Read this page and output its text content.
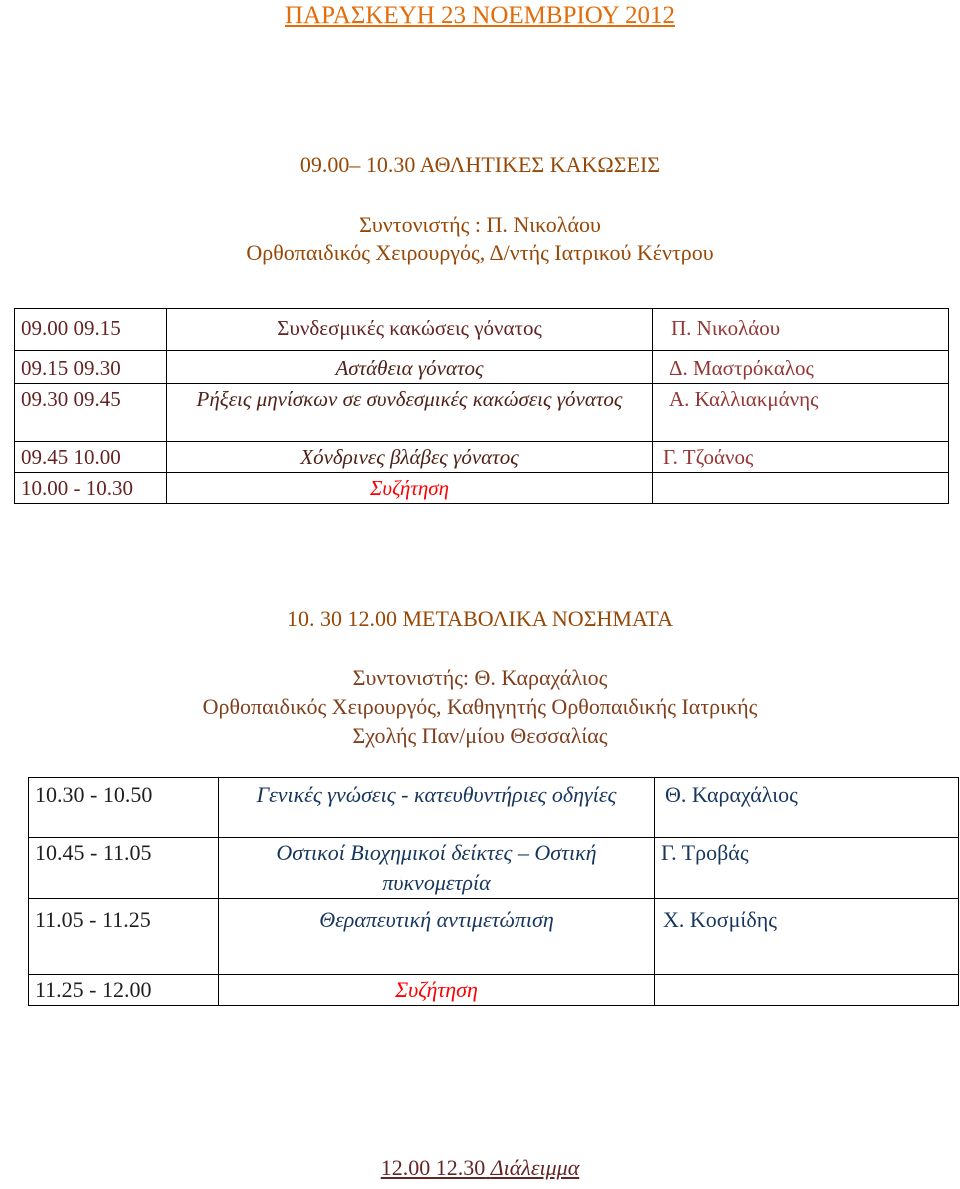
ΠΑΡΑΣΚΕΥΗ 23 ΝΟΕΜΒΡΙΟΥ 2012
09.00– 10.30 ΑΘΛΗΤΙΚΕΣ ΚΑΚΩΣΕΙΣ
Συντονιστής : Π. Νικολάου
Ορθοπαιδικός Χειρουργός, Δ/ντής Ιατρικού Κέντρου
09.00 09.15	Συνδεσμικές κακώσεις γόνατος	Π. Νικολάου
09.15 09.30	Αστάθεια γόνατος	Δ. Μαστρόκαλος
09.30 09.45	Ρήξεις μηνίσκων σε συνδεσμικές κακώσεις γόνατος	Α. Καλλιακμάνης
09.45 10.00	Χόνδρινες βλάβες γόνατος	Γ. Τζοάνος
10.00 - 10.30	Συζήτηση	
10. 30 12.00 ΜΕΤΑΒΟΛΙΚΑ ΝΟΣΗΜΑΤΑ
Συντονιστής: Θ. Καραχάλιος
Ορθοπαιδικός Χειρουργός, Καθηγητής Ορθοπαιδικής Ιατρικής
Σχολής Παν/μίου Θεσσαλίας
10.30 - 10.50	Γενικές γνώσεις - κατευθυντήριες οδηγίες	Θ. Καραχάλιος
10.45 - 11.05	Οστικοί Βιοχημικοί δείκτες – Οστική πυκνομετρία	Γ. Τροβάς
11.05 - 11.25	Θεραπευτική αντιμετώπιση	Χ. Κοσμίδης
11.25 - 12.00	Συζήτηση	
12.00 12.30 Διάλειμμα
